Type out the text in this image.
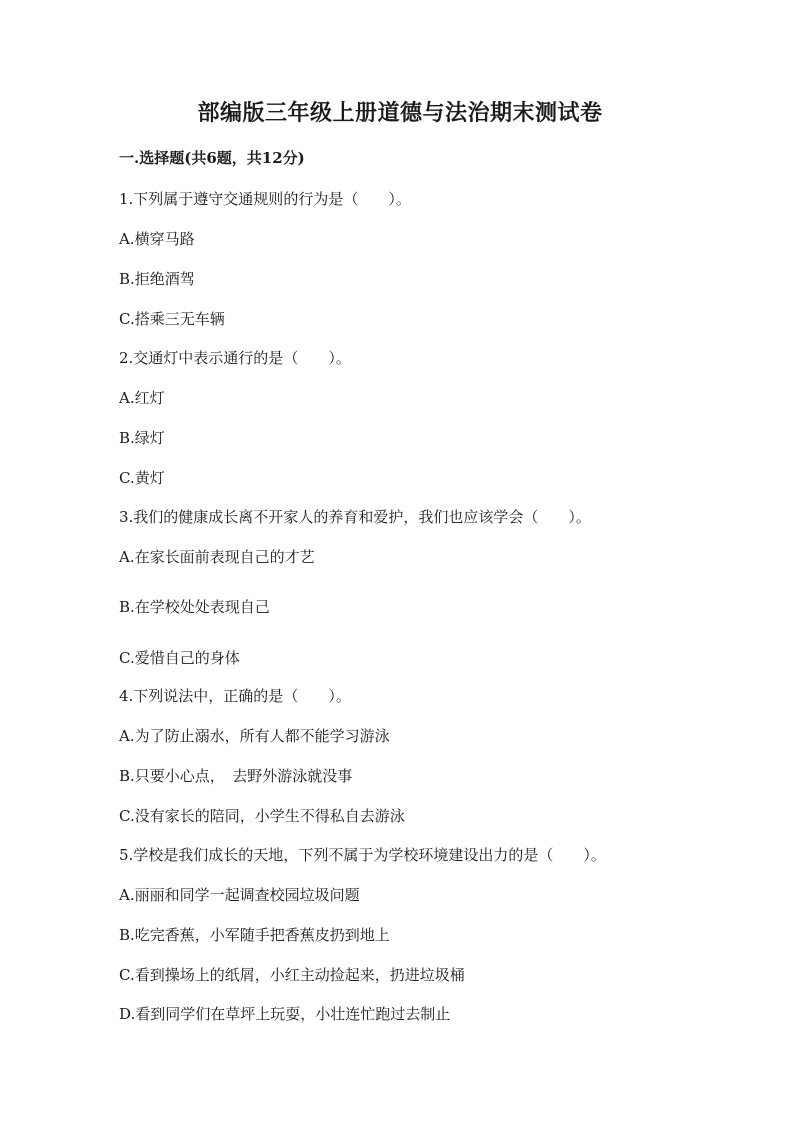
部编版三年级上册道德与法治期末测试卷
一.选择题(共6题，共12分)
1.下列属于遵守交通规则的行为是（　　）。
A.横穿马路
B.拒绝酒驾
C.搭乘三无车辆
2.交通灯中表示通行的是（　　）。
A.红灯
B.绿灯
C.黄灯
3.我们的健康成长离不开家人的养育和爱护，我们也应该学会（　　）。
A.在家长面前表现自己的才艺
B.在学校处处表现自己
C.爱惜自己的身体
4.下列说法中，正确的是（　　）。
A.为了防止溺水，所有人都不能学习游泳
B.只要小心点，　去野外游泳就没事
C.没有家长的陪同，小学生不得私自去游泳
5.学校是我们成长的天地，下列不属于为学校环境建设出力的是（　　）。
A.丽丽和同学一起调查校园垃圾问题
B.吃完香蕉，小军随手把香蕉皮扔到地上
C.看到操场上的纸屑，小红主动捡起来，扔进垃圾桶
D.看到同学们在草坪上玩耍，小壮连忙跑过去制止
